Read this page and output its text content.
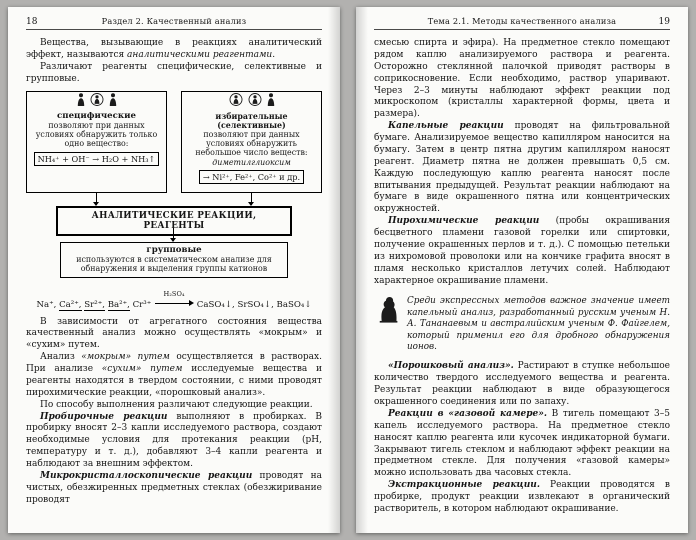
18	Раздел 2. Качественный анализ

Вещества, вызывающие в реакциях аналитический эффект, называются аналитическими реагентами.

Различают реагенты специфические, селективные и групповые.

специфические
позволяют при данных условиях обнаружить только одно вещество:
NH₄⁺ + OH⁻ → H₂O + NH₃↑
избирательные (селективные)
позволяют при данных условиях обнаружить небольшое число веществ:
диметилглиоксим
→ Ni²⁺, Fe²⁺, Co²⁺ и др.
АНАЛИТИЧЕСКИЕ РЕАКЦИИ, РЕАГЕНТЫ
групповые
используются в систематическом анализе для обнаружения и выделения группы катионов
Na⁺, Ca²⁺, Sr²⁺, Ba²⁺, Cr³⁺
H₂SO₄
CaSO₄↓, SrSO₄↓, BaSO₄↓

В зависимости от агрегатного состояния вещества качественный анализ можно осуществлять «мокрым» и «сухим» путем.

Анализ «мокрым» путем осуществляется в растворах. При анализе «сухим» путем исследуемые вещества и реагенты находятся в твердом состоянии, с ними проводят пирохимические реакции, «порошковый анализ».

По способу выполнения различают следующие реакции.

Пробирочные реакции выполняют в пробирках. В пробирку вносят 2–3 капли исследуемого раствора, создают необходимые условия для протекания реакции (pH, температуру и т. д.), добавляют 3–4 капли реагента и наблюдают за внешним эффектом.

Микрокристаллоскопические реакции проводят на чистых, обезжиренных предметных стеклах (обезжиривание проводят

Тема 2.1. Методы качественного анализа	19

смесью спирта и эфира). На предметное стекло помещают рядом каплю анализируемого раствора и реагента. Осторожно стеклянной палочкой приводят растворы в соприкосновение. Если необходимо, раствор упаривают. Через 2–3 минуты наблюдают эффект реакции под микроскопом (кристаллы характерной формы, цвета и размера).

Капельные реакции проводят на фильтровальной бумаге. Анализируемое вещество капилляром наносится на бумагу. Затем в центр пятна другим капилляром наносят реагент. Диаметр пятна не должен превышать 0,5 см. Каждую последующую каплю реагента наносят после впитывания предыдущей. Результат реакции наблюдают на бумаге в виде окрашенного пятна или концентрических окружностей.

Пирохимические реакции (пробы окрашивания бесцветного пламени газовой горелки или спиртовки, получение окрашенных перлов и т. д.). С помощью петельки из нихромовой проволоки или на кончике графита вносят в пламя несколько кристаллов летучих солей. Наблюдают характерное окрашивание пламени.

Среди экспрессных методов важное значение имеет капельный анализ, разработанный русским ученым Н. А. Тананаевым и австралийским ученым Ф. Файгелем, который применил его для дробного обнаружения ионов.

«Порошковый анализ». Растирают в ступке небольшое количество твердого исследуемого вещества и реагента. Результат реакции наблюдают в виде образующегося окрашенного соединения или по запаху.

Реакции в «газовой камере». В тигель помещают 3–5 капель исследуемого раствора. На предметное стекло наносят каплю реагента или кусочек индикаторной бумаги. Закрывают тигель стеклом и наблюдают эффект реакции на предметном стекле. Для получения «газовой камеры» можно использовать два часовых стекла.

Экстракционные реакции. Реакции проводятся в пробирке, продукт реакции извлекают в органический растворитель, в котором наблюдают окрашивание.
